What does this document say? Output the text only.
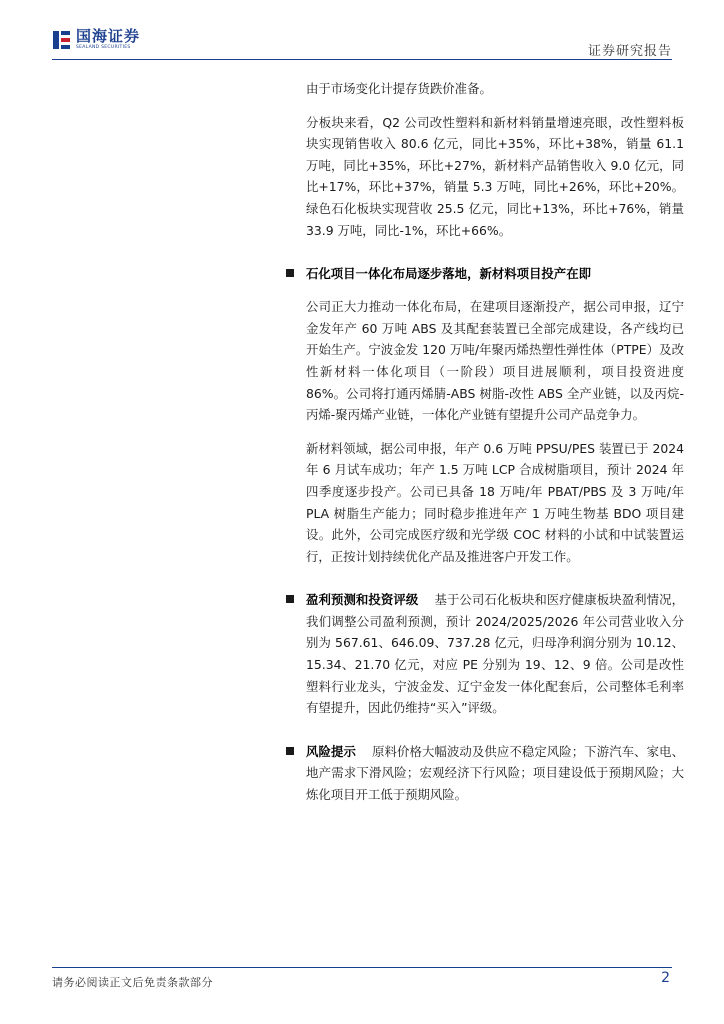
国海证券
SEALAND SECURITIES	证券研究报告

由于市场变化计提存货跌价准备。

分板块来看，Q2 公司改性塑料和新材料销量增速亮眼，改性塑料板块实现销售收入 80.6 亿元，同比+35%，环比+38%，销量 61.1 万吨，同比+35%，环比+27%，新材料产品销售收入 9.0 亿元，同比+17%，环比+37%，销量 5.3 万吨，同比+26%，环比+20%。绿色石化板块实现营收 25.5 亿元，同比+13%，环比+76%，销量 33.9 万吨，同比-1%，环比+66%。

石化项目一体化布局逐步落地，新材料项目投产在即

公司正大力推动一体化布局，在建项目逐渐投产，据公司申报，辽宁金发年产 60 万吨 ABS 及其配套装置已全部完成建设，各产线均已开始生产。宁波金发 120 万吨/年聚丙烯热塑性弹性体（PTPE）及改性新材料一体化项目（一阶段）项目进展顺利，项目投资进度 86%。公司将打通丙烯腈-ABS 树脂-改性 ABS 全产业链，以及丙烷-丙烯-聚丙烯产业链，一体化产业链有望提升公司产品竞争力。

新材料领域，据公司申报，年产 0.6 万吨 PPSU/PES 装置已于 2024 年 6 月试车成功；年产 1.5 万吨 LCP 合成树脂项目，预计 2024 年四季度逐步投产。公司已具备 18 万吨/年 PBAT/PBS 及 3 万吨/年 PLA 树脂生产能力；同时稳步推进年产 1 万吨生物基 BDO 项目建设。此外，公司完成医疗级和光学级 COC 材料的小试和中试装置运行，正按计划持续优化产品及推进客户开发工作。

盈利预测和投资评级 基于公司石化板块和医疗健康板块盈利情况，我们调整公司盈利预测，预计 2024/2025/2026 年公司营业收入分别为 567.61、646.09、737.28 亿元，归母净利润分别为 10.12、15.34、21.70 亿元，对应 PE 分别为 19、12、9 倍。公司是改性塑料行业龙头，宁波金发、辽宁金发一体化配套后，公司整体毛利率有望提升，因此仍维持“买入”评级。

风险提示 原料价格大幅波动及供应不稳定风险；下游汽车、家电、地产需求下滑风险；宏观经济下行风险；项目建设低于预期风险；大炼化项目开工低于预期风险。

请务必阅读正文后免责条款部分	2
